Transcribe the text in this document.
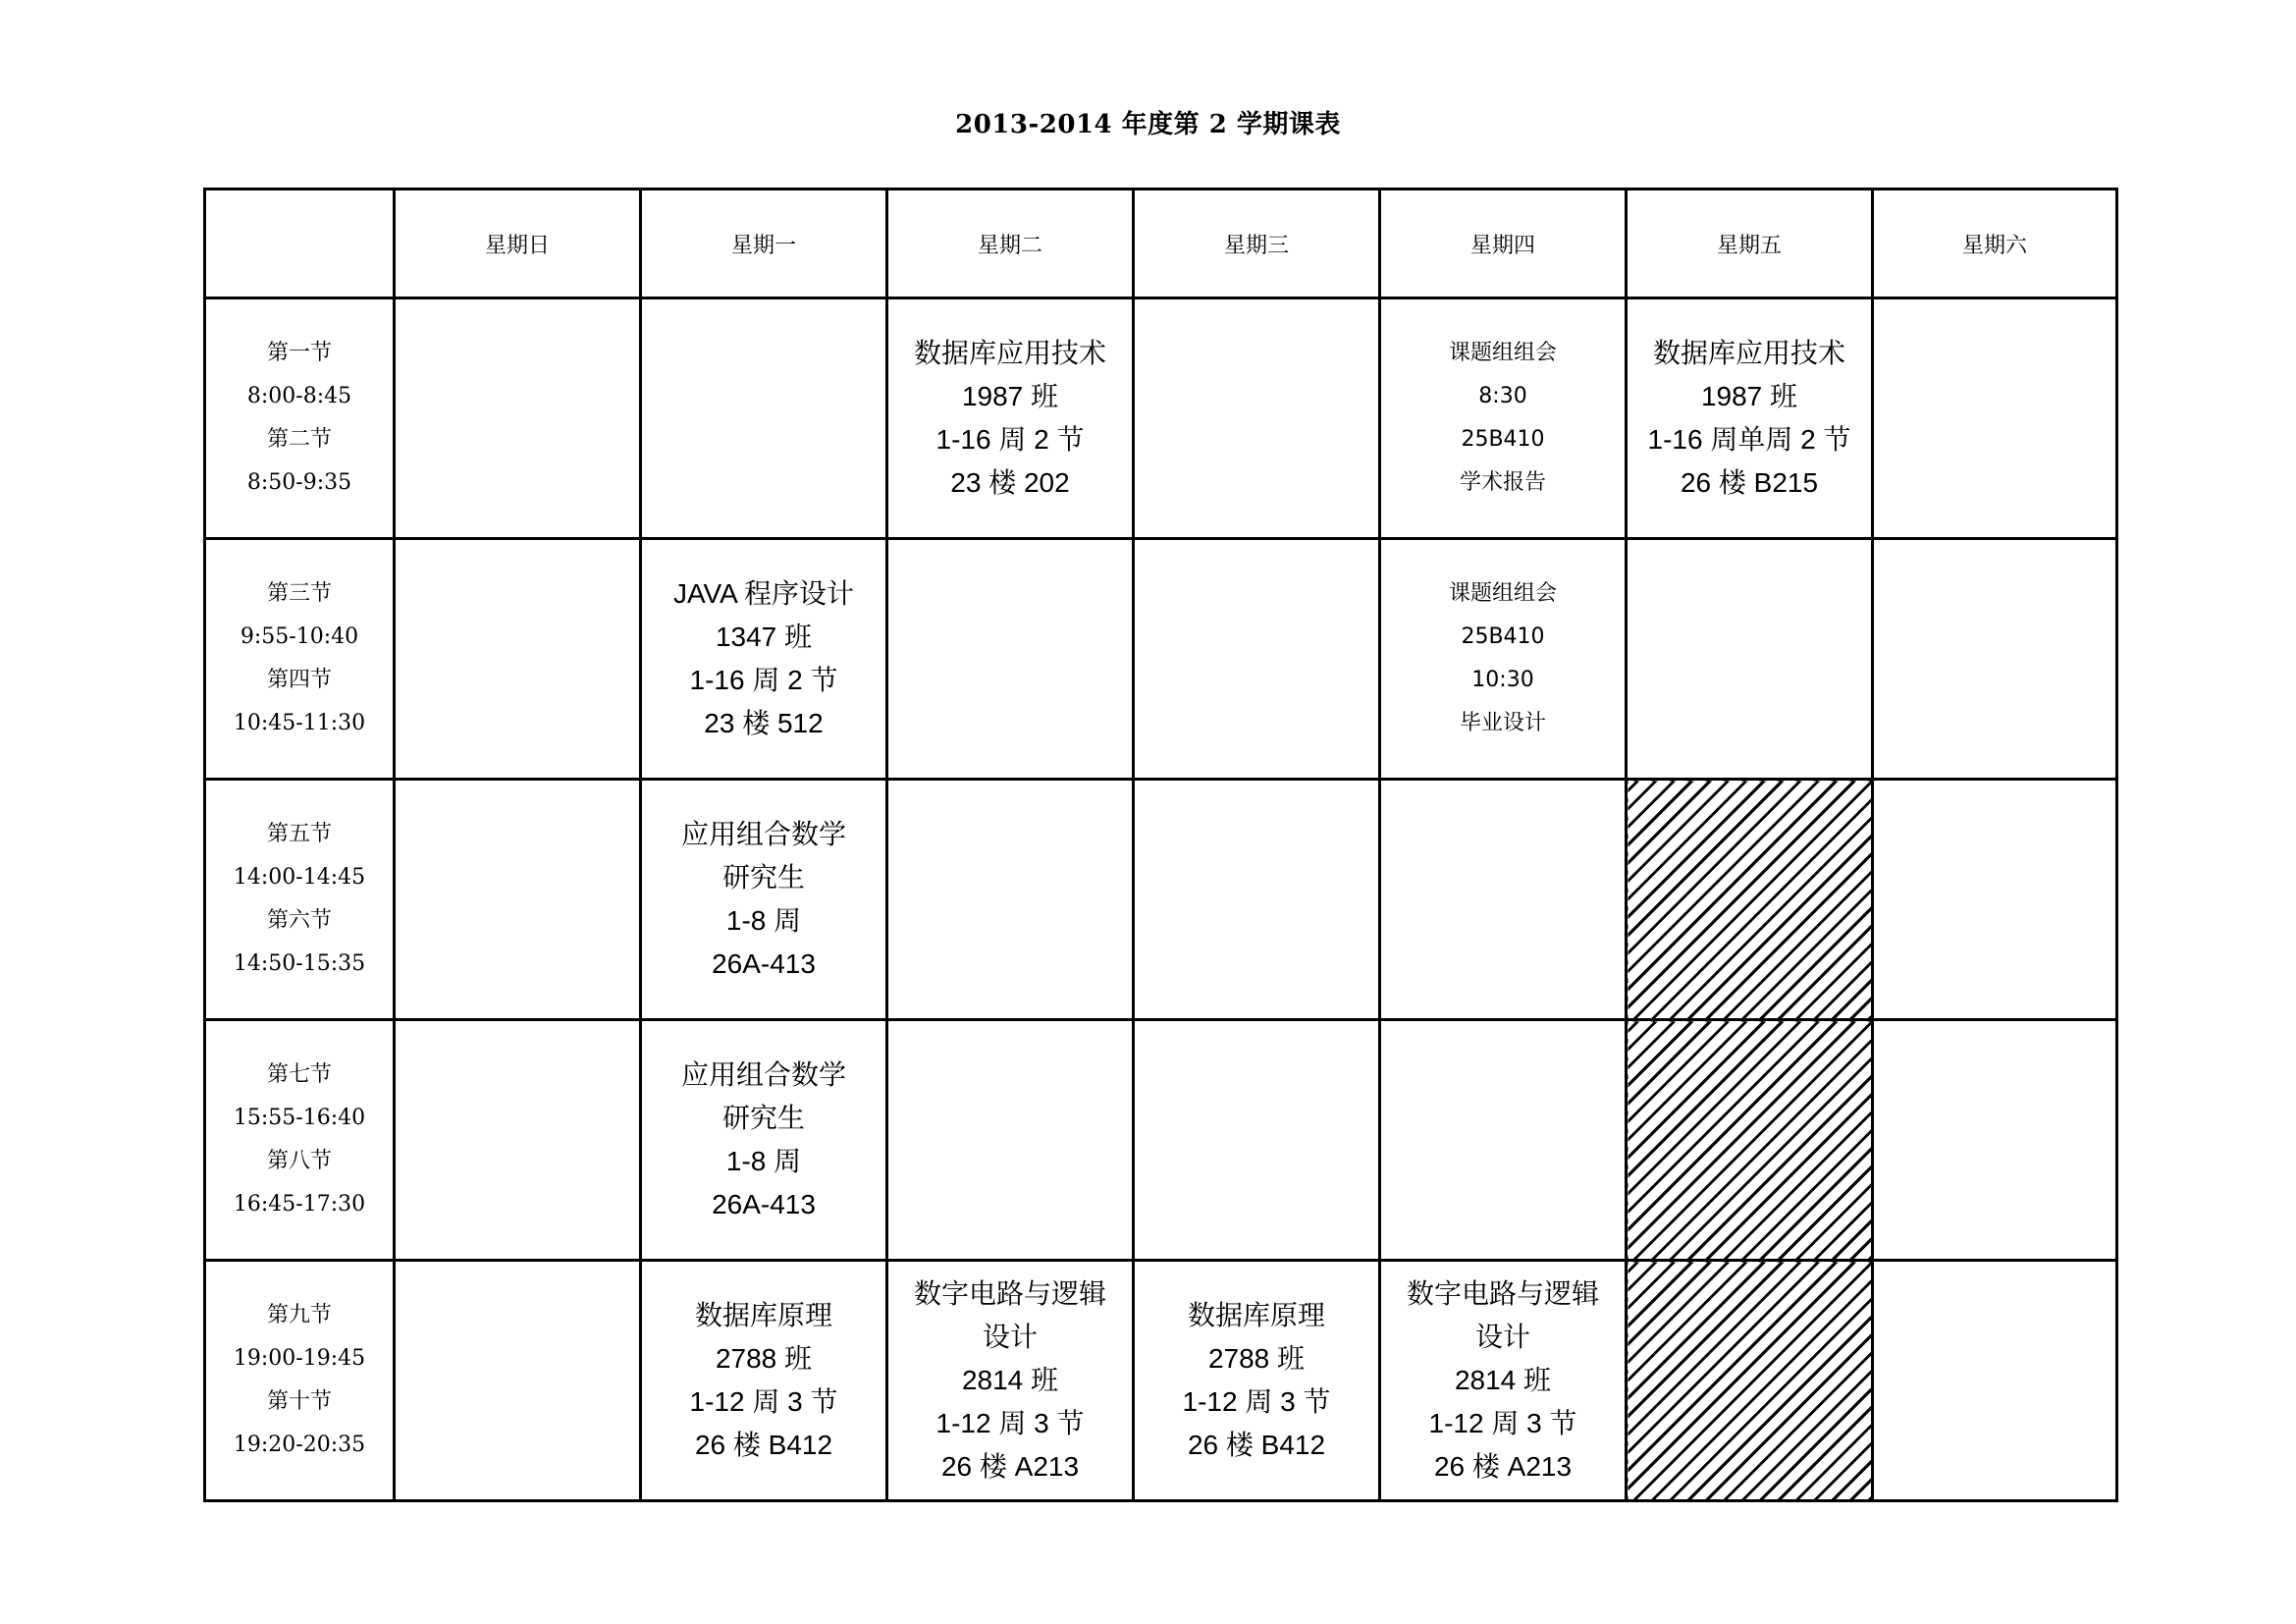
2013-2014 年度第 2 学期课表
	星期日	星期一	星期二	星期三	星期四	星期五	星期六

第一节
8:00-8:45
第二节
8:50-9:35			数据库应用技术
1987 班
1-16 周 2 节
23 楼 202		课题组组会
8:30
25B410
学术报告	数据库应用技术
1987 班
1-16 周单周 2 节
26 楼 B215	

第三节
9:55-10:40
第四节
10:45-11:30		JAVA 程序设计
1347 班
1-16 周 2 节
23 楼 512			课题组组会
25B410
10:30
毕业设计		

第五节
14:00-14:45
第六节
14:50-15:35		应用组合数学
研究生
1-8 周
26A-413					

第七节
15:55-16:40
第八节
16:45-17:30		应用组合数学
研究生
1-8 周
26A-413					

第九节
19:00-19:45
第十节
19:20-20:35		数据库原理
2788 班
1-12 周 3 节
26 楼 B412	数字电路与逻辑
设计
2814 班
1-12 周 3 节
26 楼 A213	数据库原理
2788 班
1-12 周 3 节
26 楼 B412	数字电路与逻辑
设计
2814 班
1-12 周 3 节
26 楼 A213		
